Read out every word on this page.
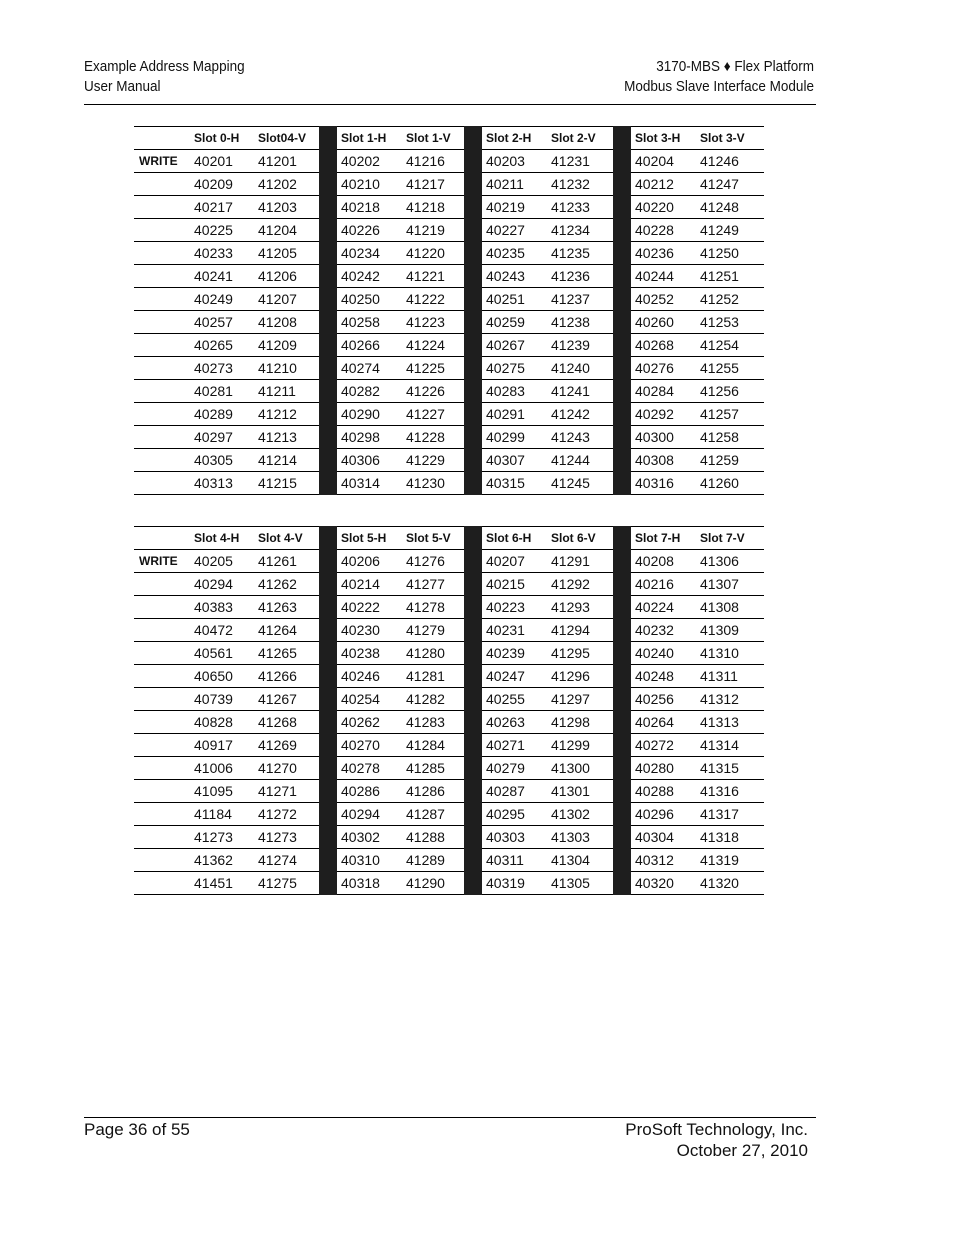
Example Address Mapping
User Manual
3170-MBS ♦ Flex Platform
Modbus Slave Interface Module
	Slot 0-H	Slot04-V		Slot 1-H	Slot 1-V		Slot 2-H	Slot 2-V		Slot 3-H	Slot 3-V
WRITE	40201	41201		40202	41216		40203	41231		40204	41246
	40209	41202		40210	41217		40211	41232		40212	41247
	40217	41203		40218	41218		40219	41233		40220	41248
	40225	41204		40226	41219		40227	41234		40228	41249
	40233	41205		40234	41220		40235	41235		40236	41250
	40241	41206		40242	41221		40243	41236		40244	41251
	40249	41207		40250	41222		40251	41237		40252	41252
	40257	41208		40258	41223		40259	41238		40260	41253
	40265	41209		40266	41224		40267	41239		40268	41254
	40273	41210		40274	41225		40275	41240		40276	41255
	40281	41211		40282	41226		40283	41241		40284	41256
	40289	41212		40290	41227		40291	41242		40292	41257
	40297	41213		40298	41228		40299	41243		40300	41258
	40305	41214		40306	41229		40307	41244		40308	41259
	40313	41215		40314	41230		40315	41245		40316	41260
	Slot 4-H	Slot 4-V		Slot 5-H	Slot 5-V		Slot 6-H	Slot 6-V		Slot 7-H	Slot 7-V
WRITE	40205	41261		40206	41276		40207	41291		40208	41306
	40294	41262		40214	41277		40215	41292		40216	41307
	40383	41263		40222	41278		40223	41293		40224	41308
	40472	41264		40230	41279		40231	41294		40232	41309
	40561	41265		40238	41280		40239	41295		40240	41310
	40650	41266		40246	41281		40247	41296		40248	41311
	40739	41267		40254	41282		40255	41297		40256	41312
	40828	41268		40262	41283		40263	41298		40264	41313
	40917	41269		40270	41284		40271	41299		40272	41314
	41006	41270		40278	41285		40279	41300		40280	41315
	41095	41271		40286	41286		40287	41301		40288	41316
	41184	41272		40294	41287		40295	41302		40296	41317
	41273	41273		40302	41288		40303	41303		40304	41318
	41362	41274		40310	41289		40311	41304		40312	41319
	41451	41275		40318	41290		40319	41305		40320	41320
Page 36 of 55	ProSoft Technology, Inc.
October 27, 2010
